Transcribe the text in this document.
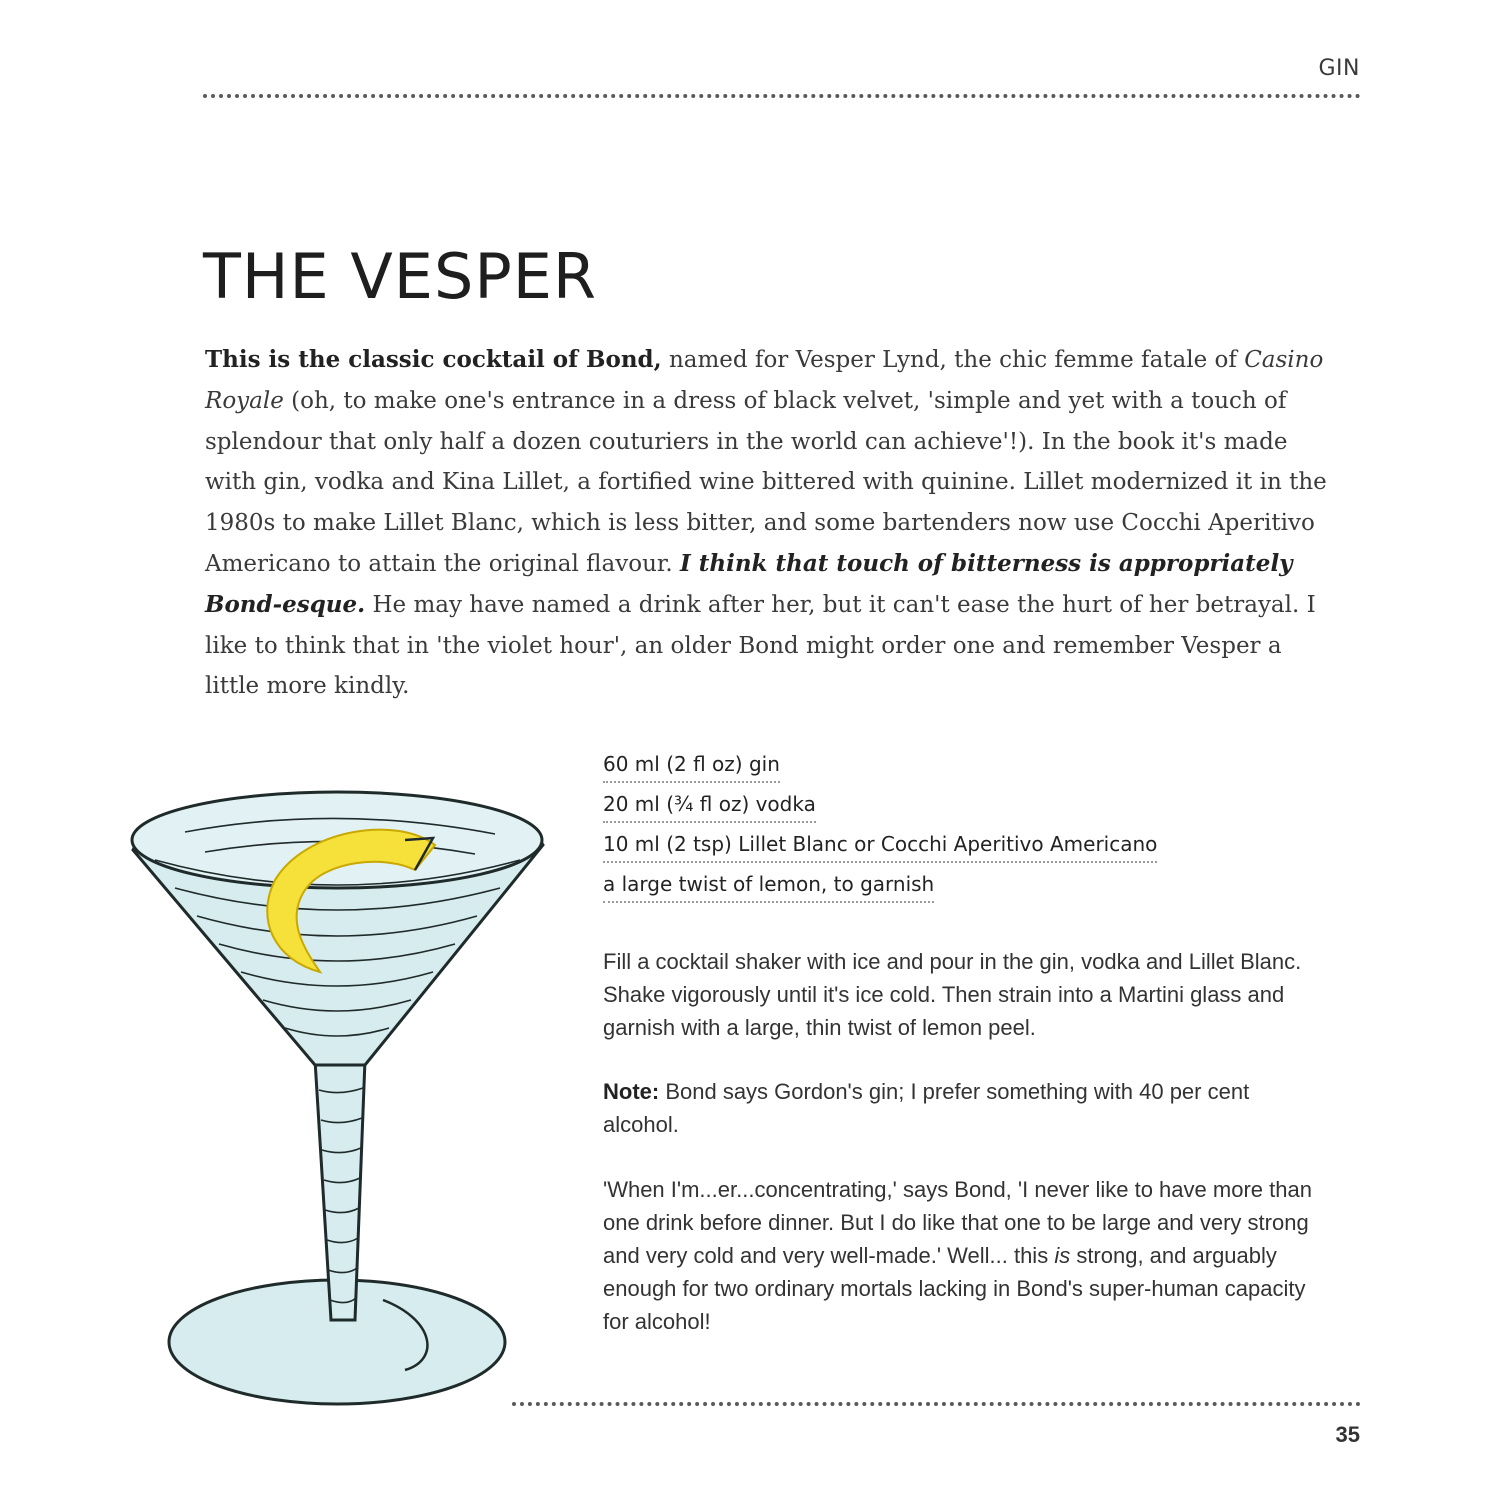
GIN
THE VESPER

This is the classic cocktail of Bond, named for Vesper Lynd, the chic femme fatale of Casino Royale (oh, to make one's entrance in a dress of black velvet, 'simple and yet with a touch of splendour that only half a dozen couturiers in the world can achieve'!). In the book it's made with gin, vodka and Kina Lillet, a fortified wine bittered with quinine. Lillet modernized it in the 1980s to make Lillet Blanc, which is less bitter, and some bartenders now use Cocchi Aperitivo Americano to attain the original flavour. I think that touch of bitterness is appropriately Bond-esque. He may have named a drink after her, but it can't ease the hurt of her betrayal. I like to think that in 'the violet hour', an older Bond might order one and remember Vesper a little more kindly.

60 ml (2 fl oz) gin
20 ml (¾ fl oz) vodka
10 ml (2 tsp) Lillet Blanc or Cocchi Aperitivo Americano
a large twist of lemon, to garnish

Fill a cocktail shaker with ice and pour in the gin, vodka and Lillet Blanc. Shake vigorously until it's ice cold. Then strain into a Martini glass and garnish with a large, thin twist of lemon peel.

Note: Bond says Gordon's gin; I prefer something with 40 per cent alcohol.

'When I'm...er...concentrating,' says Bond, 'I never like to have more than one drink before dinner. But I do like that one to be large and very strong and very cold and very well-made.' Well... this is strong, and arguably enough for two ordinary mortals lacking in Bond's super-human capacity for alcohol!

35
